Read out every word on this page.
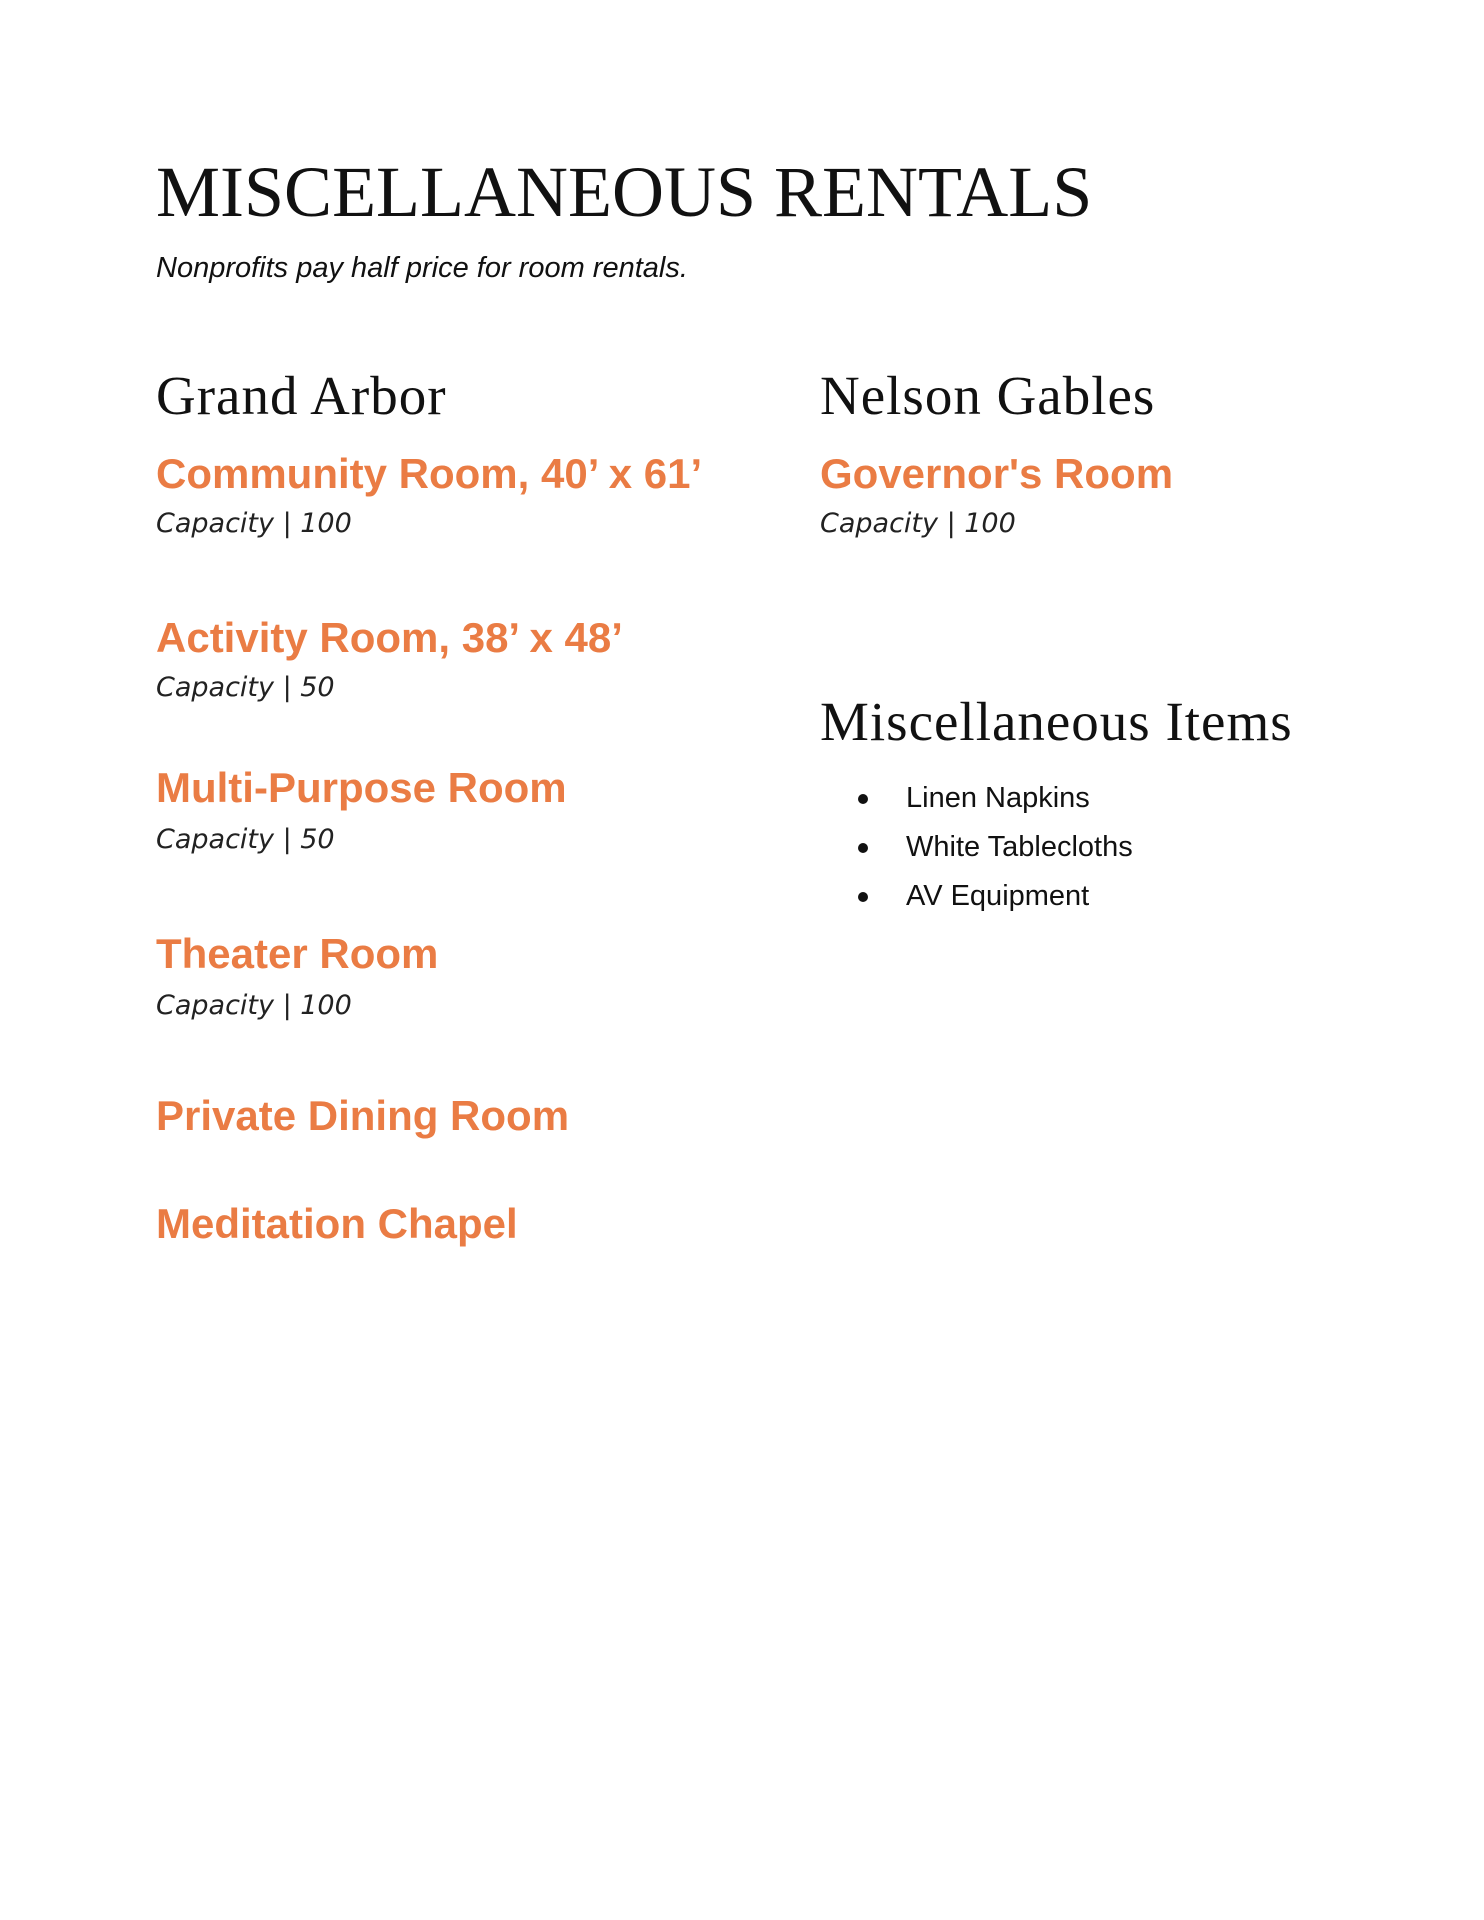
MISCELLANEOUS RENTALS

Nonprofits pay half price for room rentals.

Grand Arbor
Community Room, 40’ x 61’

Capacity | 100

Activity Room, 38’ x 48’

Capacity | 50

Multi-Purpose Room

Capacity | 50

Theater Room

Capacity | 100

Private Dining Room
Meditation Chapel
Nelson Gables
Governor's Room

Capacity | 100

Miscellaneous Items
Linen Napkins
White Tablecloths
AV Equipment
